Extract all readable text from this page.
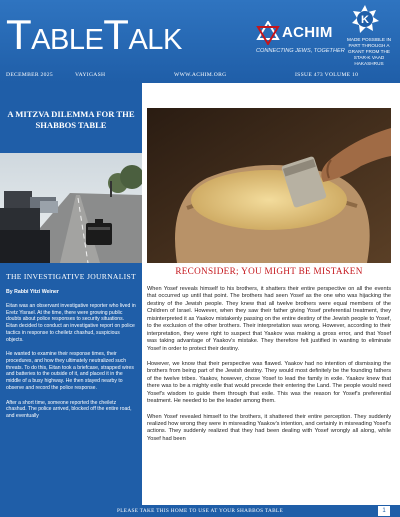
TableTalk	ACHIM
CONNECTING JEWS, TOGETHER
K
MADE POSSIBLE IN PART THROUGH A GRANT FROM THE STAR-K VAAD HAKASHRUS
DECEMBER 2025	VAYIGASH	WWW.ACHIM.ORG	ISSUE 473 VOLUME 10
A MITZVA DILEMMA FOR THE SHABBOS TABLE
THE INVESTIGATIVE JOURNALIST
By Rabbi Yitzi Weiner

Eitan was an observant investigative reporter who lived in Eretz Yisrael. At the time, there were growing public doubts about police responses to security situations. Eitan decided to conduct an investigative report on police tactics in response to cheiletz chashud, suspicious objects.

He wanted to examine their response times, their procedures, and how they ultimately neutralized such threats. To do this, Eitan took a briefcase, strapped wires and batteries to the outside of it, and placed it in the middle of a busy highway. He then stayed nearby to observe and record the police response.

After a short time, someone reported the cheiletz chashud. The police arrived, blocked off the entire road, and eventually

RECONSIDER; YOU MIGHT BE MISTAKEN

When Yosef reveals himself to his brothers, it shatters their entire perspective on all the events that occurred up until that point. The brothers had seen Yosef as the one who was hijacking the destiny of the Jewish people. They knew that all twelve brothers were equal members of the Children of Israel. However, when they saw their father giving Yosef preferential treatment, they misinterpreted it as Yaakov mistakenly passing on the entire destiny of the Jewish people to Yosef, to the exclusion of the other brothers. Their interpretation was wrong. However, according to their interpretation, they were right to suspect that Yaakov was making a gross error, and that Yosef was taking advantage of Yaakov's mistake. They therefore felt justified in wanting to eliminate Yosef in order to protect their destiny.

However, we know that their perspective was flawed. Yaakov had no intention of dismissing the brothers from being part of the Jewish destiny. They would most definitely be the founding fathers of the twelve tribes. Yaakov, however, chose Yosef to lead the family in exile. Yaakov knew that there was to be a mighty exile that would precede their entering the Land. The people would need Yosef's wisdom to guide them through that exile. This was the reason for Yosef's preferential treatment. He needed to be the leader among them.

When Yosef revealed himself to the brothers, it shattered their entire perception. They suddenly realized how wrong they were in misreading Yaakov's intention, and certainly in misreading Yosef's actions. They suddenly realized that they had been dealing with Yosef wrongly all along, while Yosef had been

PLEASE TAKE THIS HOME TO USE AT YOUR SHABBOS TABLE	1
